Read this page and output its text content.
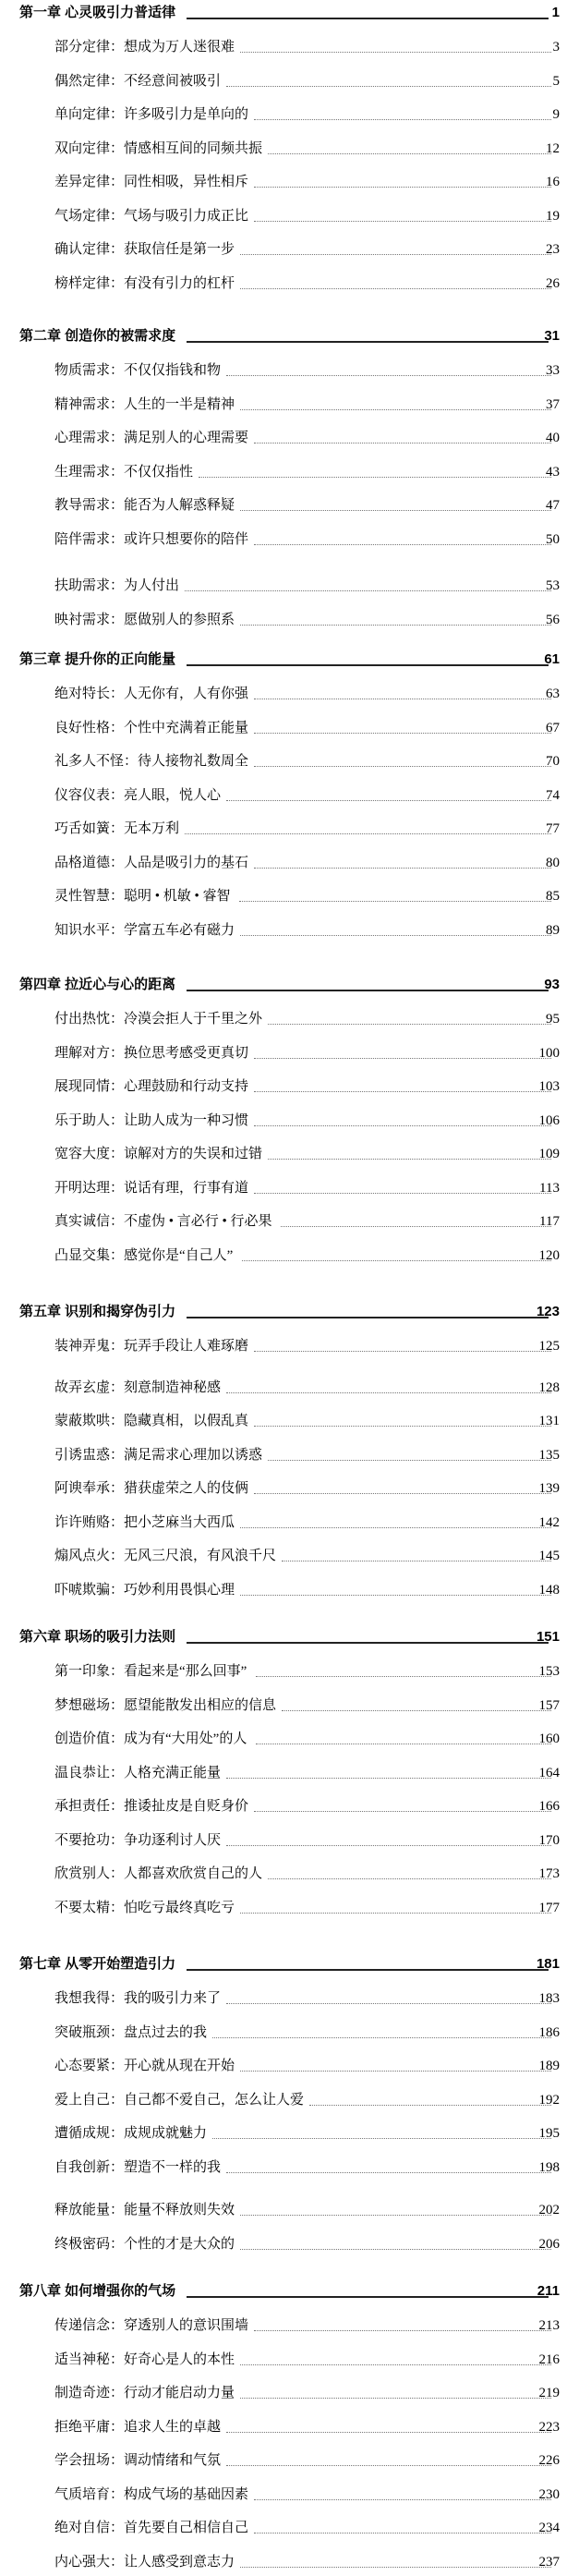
第一章 心灵吸引力普适律	1
部分定律：想成为万人迷很难	3
偶然定律：不经意间被吸引	5
单向定律：许多吸引力是单向的	9
双向定律：情感相互间的同频共振	12
差异定律：同性相吸，异性相斥	16
气场定律：气场与吸引力成正比	19
确认定律：获取信任是第一步	23
榜样定律：有没有引力的杠杆	26
第二章 创造你的被需求度	31
物质需求：不仅仅指钱和物	33
精神需求：人生的一半是精神	37
心理需求：满足别人的心理需要	40
生理需求：不仅仅指性	43
教导需求：能否为人解惑释疑	47
陪伴需求：或许只想要你的陪伴	50
扶助需求：为人付出	53
映衬需求：愿做别人的参照系	56
第三章 提升你的正向能量	61
绝对特长：人无你有，人有你强	63
良好性格：个性中充满着正能量	67
礼多人不怪：待人接物礼数周全	70
仪容仪表：亮人眼，悦人心	74
巧舌如簧：无本万利	77
品格道德：人品是吸引力的基石	80
灵性智慧：聪明 • 机敏 • 睿智	85
知识水平：学富五车必有磁力	89
第四章 拉近心与心的距离	93
付出热忱：冷漠会拒人于千里之外	95
理解对方：换位思考感受更真切	100
展现同情：心理鼓励和行动支持	103
乐于助人：让助人成为一种习惯	106
宽容大度：谅解对方的失误和过错	109
开明达理：说话有理，行事有道	113
真实诚信：不虚伪 • 言必行 • 行必果	117
凸显交集：感觉你是“自己人”	120
第五章 识别和揭穿伪引力	123
装神弄鬼：玩弄手段让人难琢磨	125
故弄玄虚：刻意制造神秘感	128
蒙蔽欺哄：隐藏真相，以假乱真	131
引诱盅惑：满足需求心理加以诱惑	135
阿谀奉承：猎获虚荣之人的伎俩	139
诈许贿赂：把小芝麻当大西瓜	142
煽风点火：无风三尺浪，有风浪千尺	145
吓唬欺骗：巧妙利用畏惧心理	148
第六章 职场的吸引力法则	151
第一印象：看起来是“那么回事”	153
梦想磁场：愿望能散发出相应的信息	157
创造价值：成为有“大用处”的人	160
温良恭让：人格充满正能量	164
承担责任：推诿扯皮是自贬身价	166
不要抢功：争功逐利讨人厌	170
欣赏别人：人都喜欢欣赏自己的人	173
不要太精：怕吃亏最终真吃亏	177
第七章 从零开始塑造引力	181
我想我得：我的吸引力来了	183
突破瓶颈：盘点过去的我	186
心态要紧：开心就从现在开始	189
爱上自己：自己都不爱自己，怎么让人爱	192
遭循成规：成规成就魅力	195
自我创新：塑造不一样的我	198
释放能量：能量不释放则失效	202
终极密码：个性的才是大众的	206
第八章 如何增强你的气场	211
传递信念：穿透别人的意识围墙	213
适当神秘：好奇心是人的本性	216
制造奇迹：行动才能启动力量	219
拒绝平庸：追求人生的卓越	223
学会扭场：调动情绪和气氛	226
气质培育：构成气场的基础因素	230
绝对自信：首先要自己相信自己	234
内心强大：让人感受到意志力	237
